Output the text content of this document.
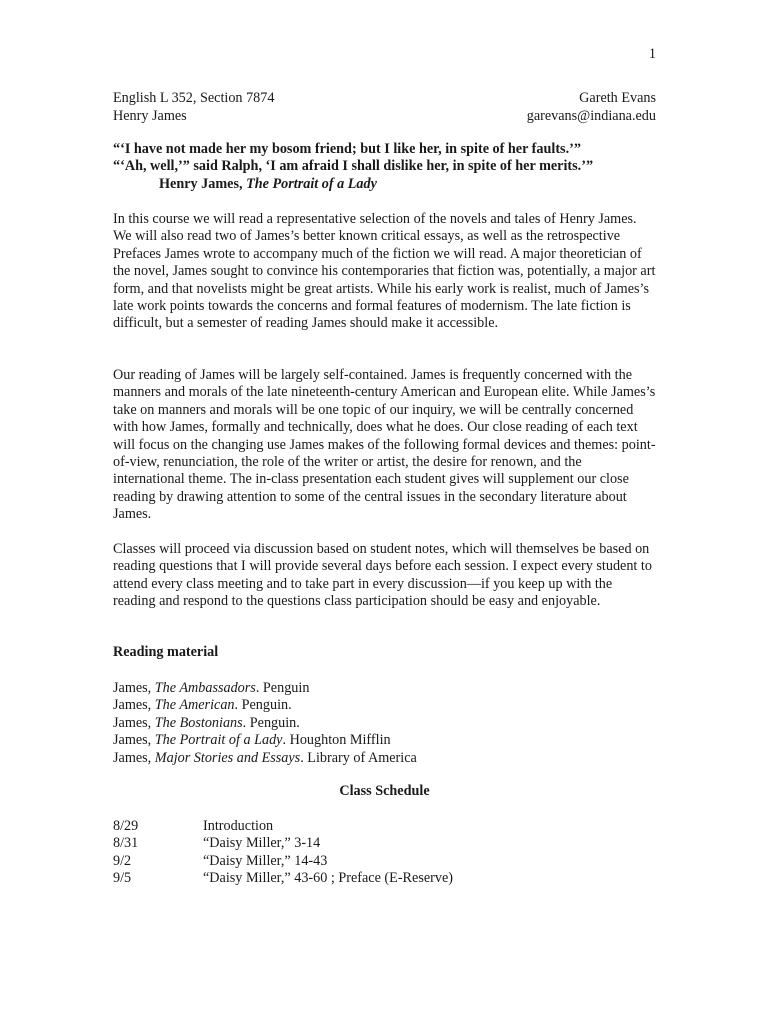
1
English L 352, Section 7874	Gareth Evans
Henry James	garevans@indiana.edu
“‘I have not made her my bosom friend; but I like her, in spite of her faults.’”
“‘Ah, well,’” said Ralph, ‘I am afraid I shall dislike her, in spite of her merits.’”
Henry James, The Portrait of a Lady

In this course we will read a representative selection of the novels and tales of Henry James. We will also read two of James’s better known critical essays, as well as the retrospective Prefaces James wrote to accompany much of the fiction we will read. A major theoretician of the novel, James sought to convince his contemporaries that fiction was, potentially, a major art form, and that novelists might be great artists. While his early work is realist, much of James’s late work points towards the concerns and formal features of modernism. The late fiction is difficult, but a semester of reading James should make it accessible.

Our reading of James will be largely self-contained. James is frequently concerned with the manners and morals of the late nineteenth-century American and European elite. While James’s take on manners and morals will be one topic of our inquiry, we will be centrally concerned with how James, formally and technically, does what he does. Our close reading of each text will focus on the changing use James makes of the following formal devices and themes: point-of-view, renunciation, the role of the writer or artist, the desire for renown, and the international theme. The in-class presentation each student gives will supplement our close reading by drawing attention to some of the central issues in the secondary literature about James.

Classes will proceed via discussion based on student notes, which will themselves be based on reading questions that I will provide several days before each session. I expect every student to attend every class meeting and to take part in every discussion—if you keep up with the reading and respond to the questions class participation should be easy and enjoyable.

Reading material
James, The Ambassadors. Penguin
James, The American. Penguin.
James, The Bostonians. Penguin.
James, The Portrait of a Lady. Houghton Mifflin
James, Major Stories and Essays. Library of America
Class Schedule
8/29	Introduction
8/31	“Daisy Miller,” 3-14
9/2	“Daisy Miller,” 14-43
9/5	“Daisy Miller,” 43-60 ; Preface (E-Reserve)
